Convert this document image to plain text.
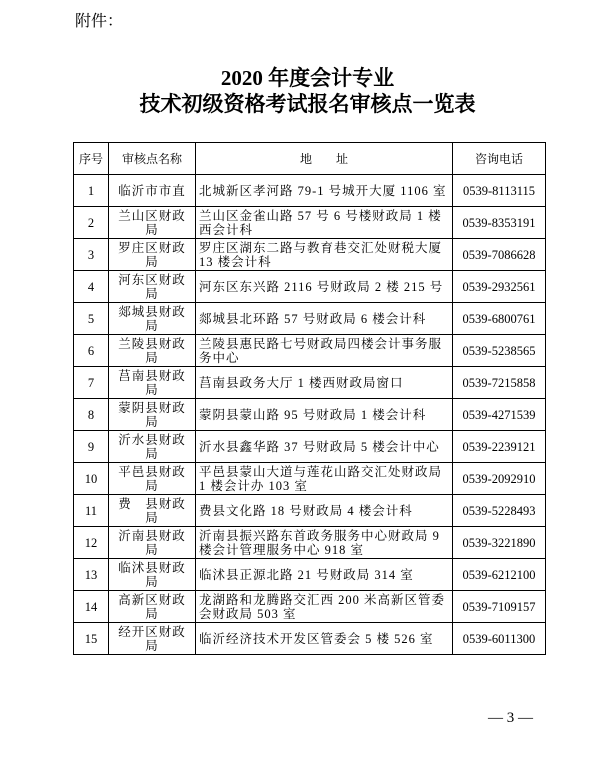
附件：
2020 年度会计专业
技术初级资格考试报名审核点一览表
序号	审核点名称	地　　址	咨询电话
1	临沂市市直	北城新区孝河路 79-1 号城开大厦 1106 室	0539-8113115
2	兰山区财政局	兰山区金雀山路 57 号 6 号楼财政局 1 楼西会计科	0539-8353191
3	罗庄区财政局	罗庄区湖东二路与教育巷交汇处财税大厦 13 楼会计科	0539-7086628
4	河东区财政局	河东区东兴路 2116 号财政局 2 楼 215 号	0539-2932561
5	郯城县财政局	郯城县北环路 57 号财政局 6 楼会计科	0539-6800761
6	兰陵县财政局	兰陵县惠民路七号财政局四楼会计事务服务中心	0539-5238565
7	莒南县财政局	莒南县政务大厅 1 楼西财政局窗口	0539-7215858
8	蒙阴县财政局	蒙阴县蒙山路 95 号财政局 1 楼会计科	0539-4271539
9	沂水县财政局	沂水县鑫华路 37 号财政局 5 楼会计中心	0539-2239121
10	平邑县财政局	平邑县蒙山大道与莲花山路交汇处财政局 1 楼会计办 103 室	0539-2092910
11	费　县财政局	费县文化路 18 号财政局 4 楼会计科	0539-5228493
12	沂南县财政局	沂南县振兴路东首政务服务中心财政局 9 楼会计管理服务中心 918 室	0539-3221890
13	临沭县财政局	临沭县正源北路 21 号财政局 314 室	0539-6212100
14	高新区财政局	龙湖路和龙腾路交汇西 200 米高新区管委会财政局 503 室	0539-7109157
15	经开区财政局	临沂经济技术开发区管委会 5 楼 526 室	0539-6011300
— 3 —
